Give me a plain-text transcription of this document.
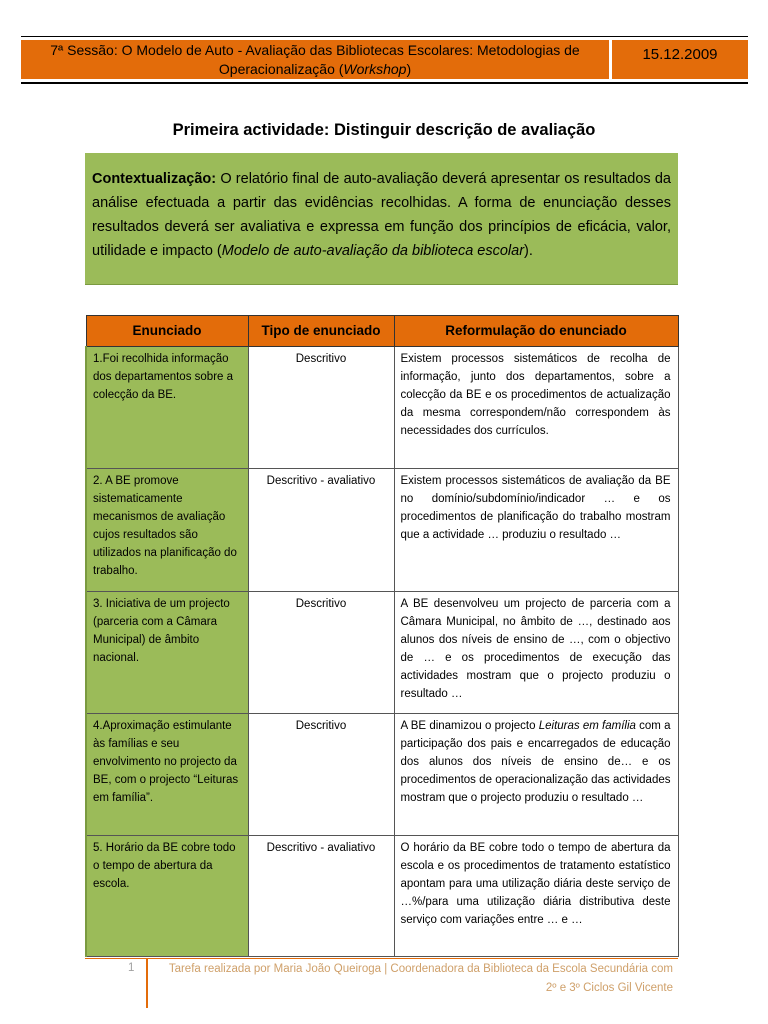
7ª Sessão: O Modelo de Auto - Avaliação das Bibliotecas Escolares: Metodologias de Operacionalização (Workshop)
15.12.2009
Primeira actividade: Distinguir descrição de avaliação
Contextualização: O relatório final de auto-avaliação deverá apresentar os resultados da análise efectuada a partir das evidências recolhidas. A forma de enunciação desses resultados deverá ser avaliativa e expressa em função dos princípios de eficácia, valor, utilidade e impacto (Modelo de auto-avaliação da biblioteca escolar).
Enunciado	Tipo de enunciado	Reformulação do enunciado
1.Foi recolhida informação dos departamentos sobre a colecção da BE.	Descritivo	Existem processos sistemáticos de recolha de informação, junto dos departamentos, sobre a colecção da BE e os procedimentos de actualização da mesma correspondem/não correspondem às necessidades dos currículos.
2. A BE promove sistematicamente mecanismos de avaliação cujos resultados são utilizados na planificação do trabalho.	Descritivo - avaliativo	Existem processos sistemáticos de avaliação da BE no domínio/subdomínio/indicador … e os procedimentos de planificação do trabalho mostram que a actividade … produziu o resultado …
3. Iniciativa de um projecto (parceria com a Câmara Municipal) de âmbito nacional.	Descritivo	A BE desenvolveu um projecto de parceria com a Câmara Municipal, no âmbito de …, destinado aos alunos dos níveis de ensino de …, com o objectivo de … e os procedimentos de execução das actividades mostram que o projecto produziu o resultado …
4.Aproximação estimulante às famílias e seu envolvimento no projecto da BE, com o projecto “Leituras em família”.	Descritivo	A BE dinamizou o projecto Leituras em família com a participação dos pais e encarregados de educação dos alunos dos níveis de ensino de… e os procedimentos de operacionalização das actividades mostram que o projecto produziu o resultado …
5. Horário da BE cobre todo o tempo de abertura da escola.	Descritivo - avaliativo	O horário da BE cobre todo o tempo de abertura da escola e os procedimentos de tratamento estatístico apontam para uma utilização diária deste serviço de …%/para uma utilização diária distributiva deste serviço com variações entre … e …
1	Tarefa realizada por Maria João Queiroga | Coordenadora da Biblioteca da Escola Secundária com 2º e 3º Ciclos Gil Vicente
